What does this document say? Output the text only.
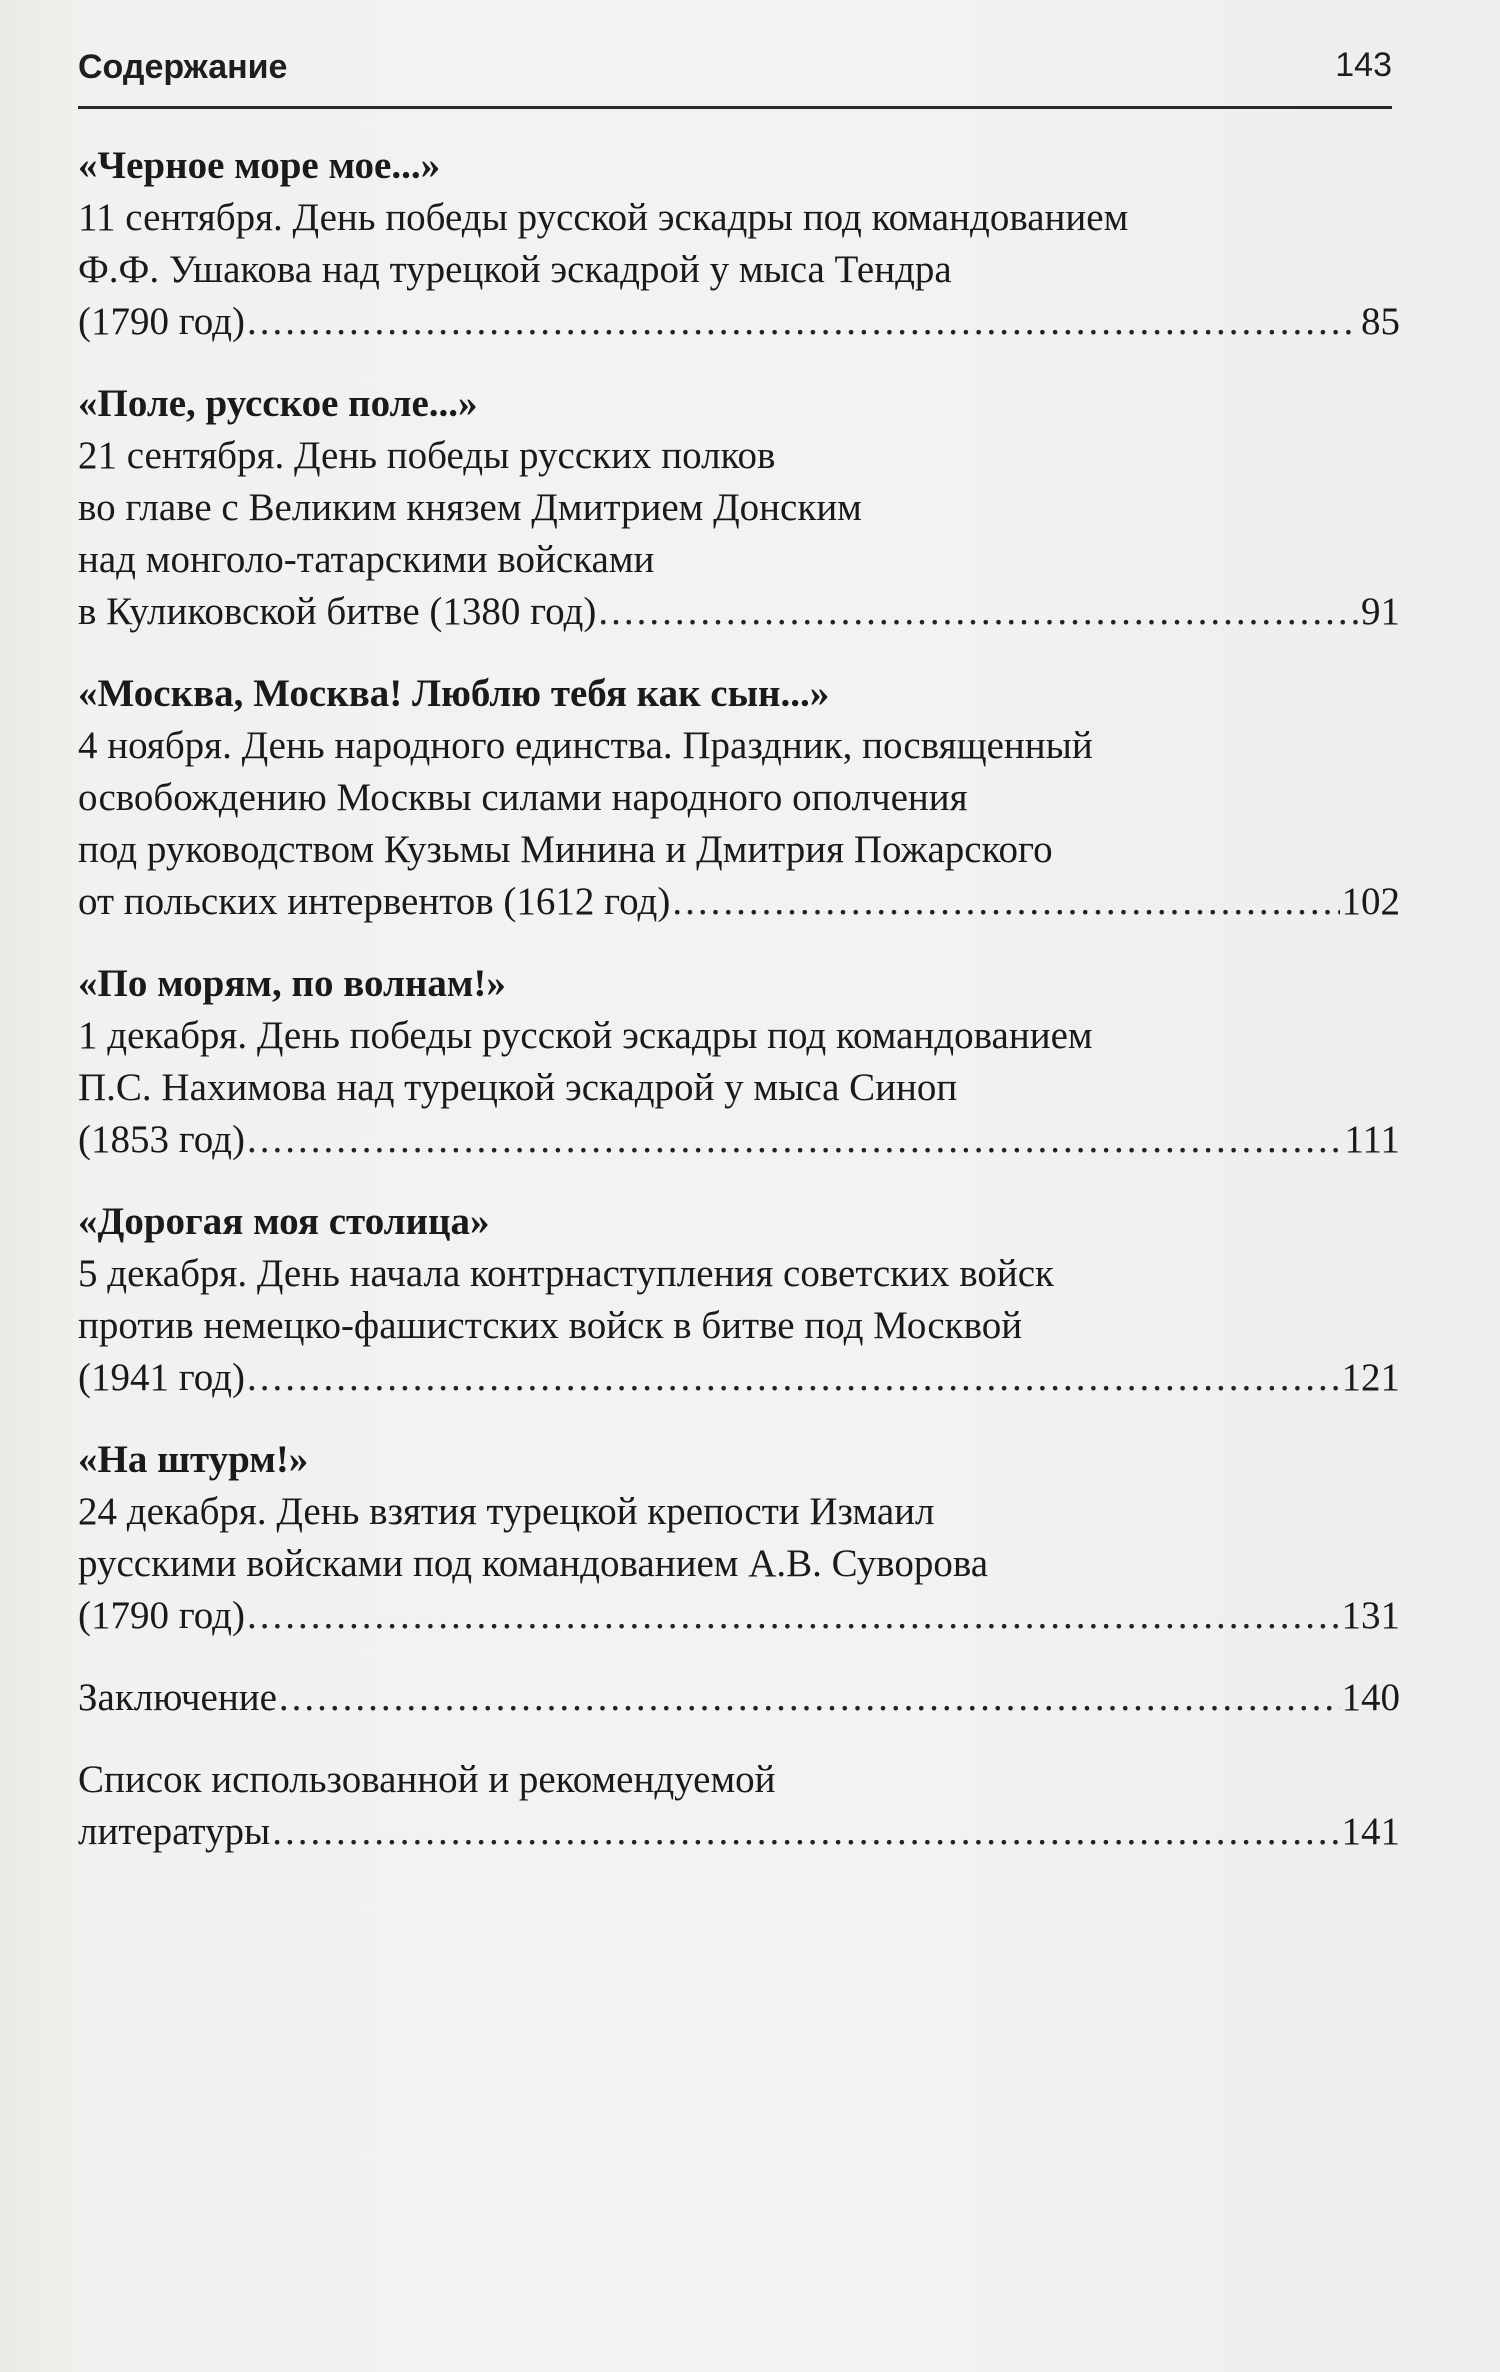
Содержание	143
«Черное море мое...»
11 сентября. День победы русской эскадры под командованием
Ф.Ф. Ушакова над турецкой эскадрой у мыса Тендра
(1790 год) .....	85
«Поле, русское поле...»
21 сентября. День победы русских полков
во главе с Великим князем Дмитрием Донским
над монголо-татарскими войсками
в Куликовской битве (1380 год) .....	91
«Москва, Москва! Люблю тебя как сын...»
4 ноября. День народного единства. Праздник, посвященный
освобождению Москвы силами народного ополчения
под руководством Кузьмы Минина и Дмитрия Пожарского
от польских интервентов (1612 год) .....	102
«По морям, по волнам!»
1 декабря. День победы русской эскадры под командованием
П.С. Нахимова над турецкой эскадрой у мыса Синоп
(1853 год) .....	111
«Дорогая моя столица»
5 декабря. День начала контрнаступления советских войск
против немецко-фашистских войск в битве под Москвой
(1941 год) .....	121
«На штурм!»
24 декабря. День взятия турецкой крепости Измаил
русскими войсками под командованием А.В. Суворова
(1790 год) .....	131
Заключение .....	140
Список использованной и рекомендуемой
литературы .....	141
